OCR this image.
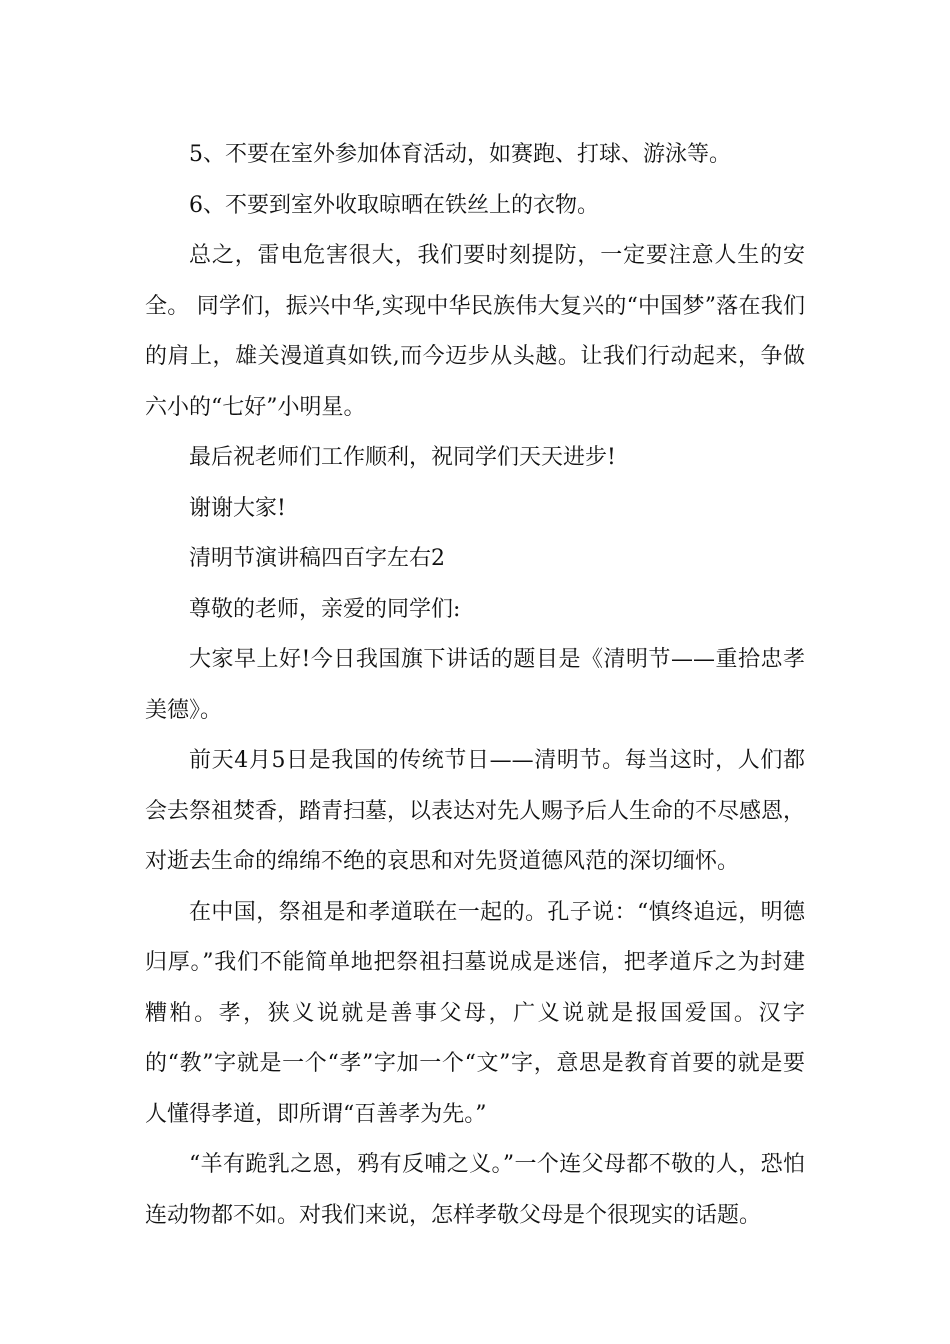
5、不要在室外参加体育活动，如赛跑、打球、游泳等。

6、不要到室外收取晾晒在铁丝上的衣物。

总之，雷电危害很大，我们要时刻提防，一定要注意人生的安全。 同学们，振兴中华,实现中华民族伟大复兴的“中国梦”落在我们的肩上，雄关漫道真如铁,而今迈步从头越。让我们行动起来，争做六小的“七好”小明星。

最后祝老师们工作顺利，祝同学们天天进步!

谢谢大家!

清明节演讲稿四百字左右2

尊敬的老师，亲爱的同学们:

大家早上好!今日我国旗下讲话的题目是《清明节——重拾忠孝美德》。

前天4月5日是我国的传统节日——清明节。每当这时，人们都会去祭祖焚香，踏青扫墓，以表达对先人赐予后人生命的不尽感恩，对逝去生命的绵绵不绝的哀思和对先贤道德风范的深切缅怀。

在中国，祭祖是和孝道联在一起的。孔子说：“慎终追远，明德归厚。”我们不能简单地把祭祖扫墓说成是迷信，把孝道斥之为封建糟粕。孝，狭义说就是善事父母，广义说就是报国爱国。汉字的“教”字就是一个“孝”字加一个“文”字，意思是教育首要的就是要人懂得孝道，即所谓“百善孝为先。”

“羊有跪乳之恩，鸦有反哺之义。”一个连父母都不敬的人，恐怕连动物都不如。对我们来说，怎样孝敬父母是个很现实的话题。
